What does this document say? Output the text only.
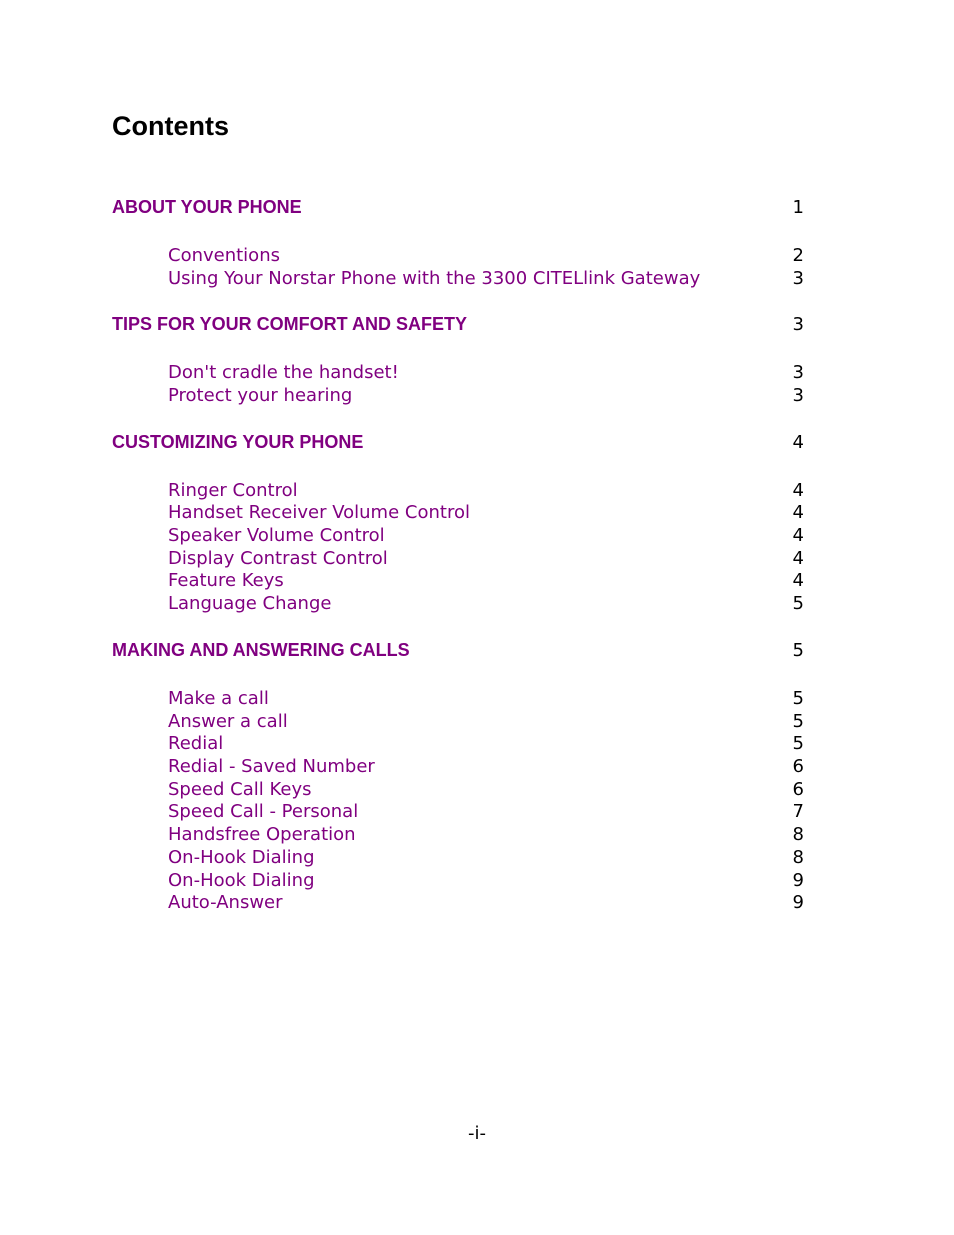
Contents
ABOUT YOUR PHONE	1
Conventions	2
Using Your Norstar Phone with the 3300 CITELlink Gateway	3
TIPS FOR YOUR COMFORT AND SAFETY	3
Don't cradle the handset!	3
Protect your hearing	3
CUSTOMIZING YOUR PHONE	4
Ringer Control	4
Handset Receiver Volume Control	4
Speaker Volume Control	4
Display Contrast Control	4
Feature Keys	4
Language Change	5
MAKING AND ANSWERING CALLS	5
Make a call	5
Answer a call	5
Redial	5
Redial - Saved Number	6
Speed Call Keys	6
Speed Call - Personal	7
Handsfree Operation	8
On-Hook Dialing	8
On-Hook Dialing	9
Auto-Answer	9
-i-
